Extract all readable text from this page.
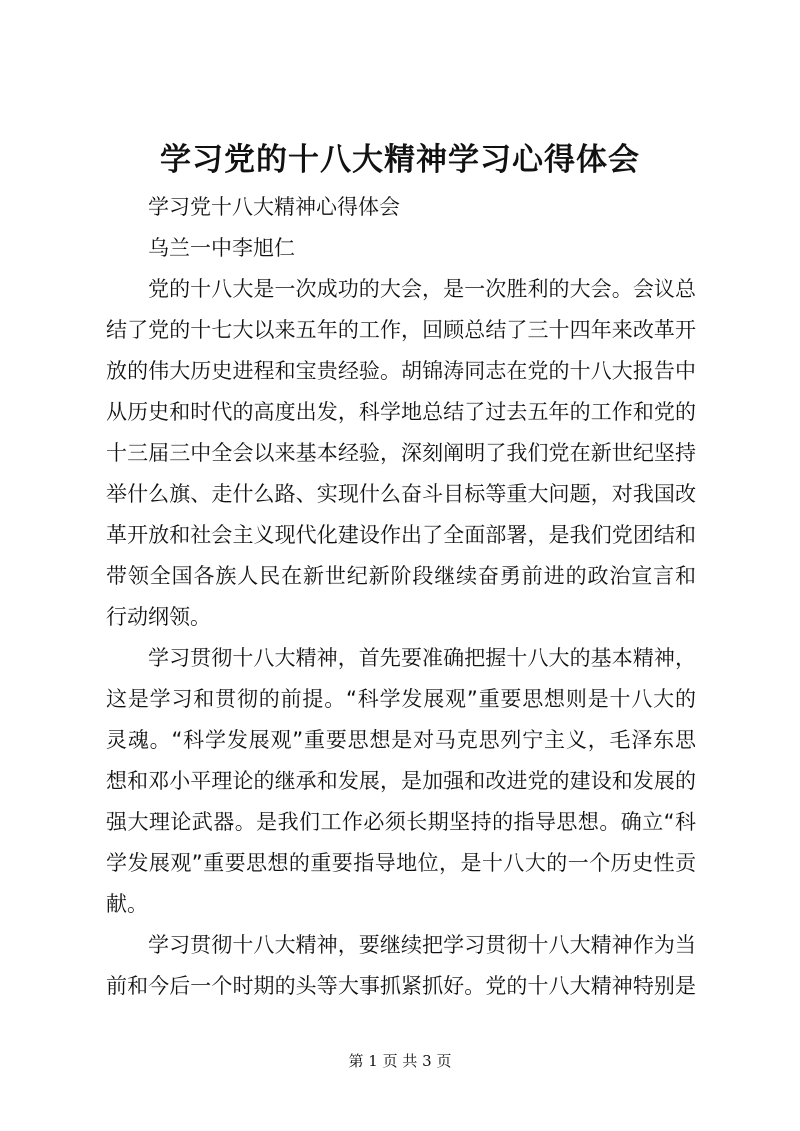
学习党的十八大精神学习心得体会
学习党十八大精神心得体会
乌兰一中李旭仁
党的十八大是一次成功的大会，是一次胜利的大会。会议总
结了党的十七大以来五年的工作，回顾总结了三十四年来改革开
放的伟大历史进程和宝贵经验。胡锦涛同志在党的十八大报告中
从历史和时代的高度出发，科学地总结了过去五年的工作和党的
十三届三中全会以来基本经验，深刻阐明了我们党在新世纪坚持
举什么旗、走什么路、实现什么奋斗目标等重大问题，对我国改
革开放和社会主义现代化建设作出了全面部署，是我们党团结和
带领全国各族人民在新世纪新阶段继续奋勇前进的政治宣言和
行动纲领。
学习贯彻十八大精神，首先要准确把握十八大的基本精神，
这是学习和贯彻的前提。“科学发展观”重要思想则是十八大的
灵魂。“科学发展观”重要思想是对马克思列宁主义，毛泽东思
想和邓小平理论的继承和发展，是加强和改进党的建设和发展的
强大理论武器。是我们工作必须长期坚持的指导思想。确立“科
学发展观”重要思想的重要指导地位，是十八大的一个历史性贡
献。
学习贯彻十八大精神，要继续把学习贯彻十八大精神作为当
前和今后一个时期的头等大事抓紧抓好。党的十八大精神特别是
第 1 页 共 3 页
